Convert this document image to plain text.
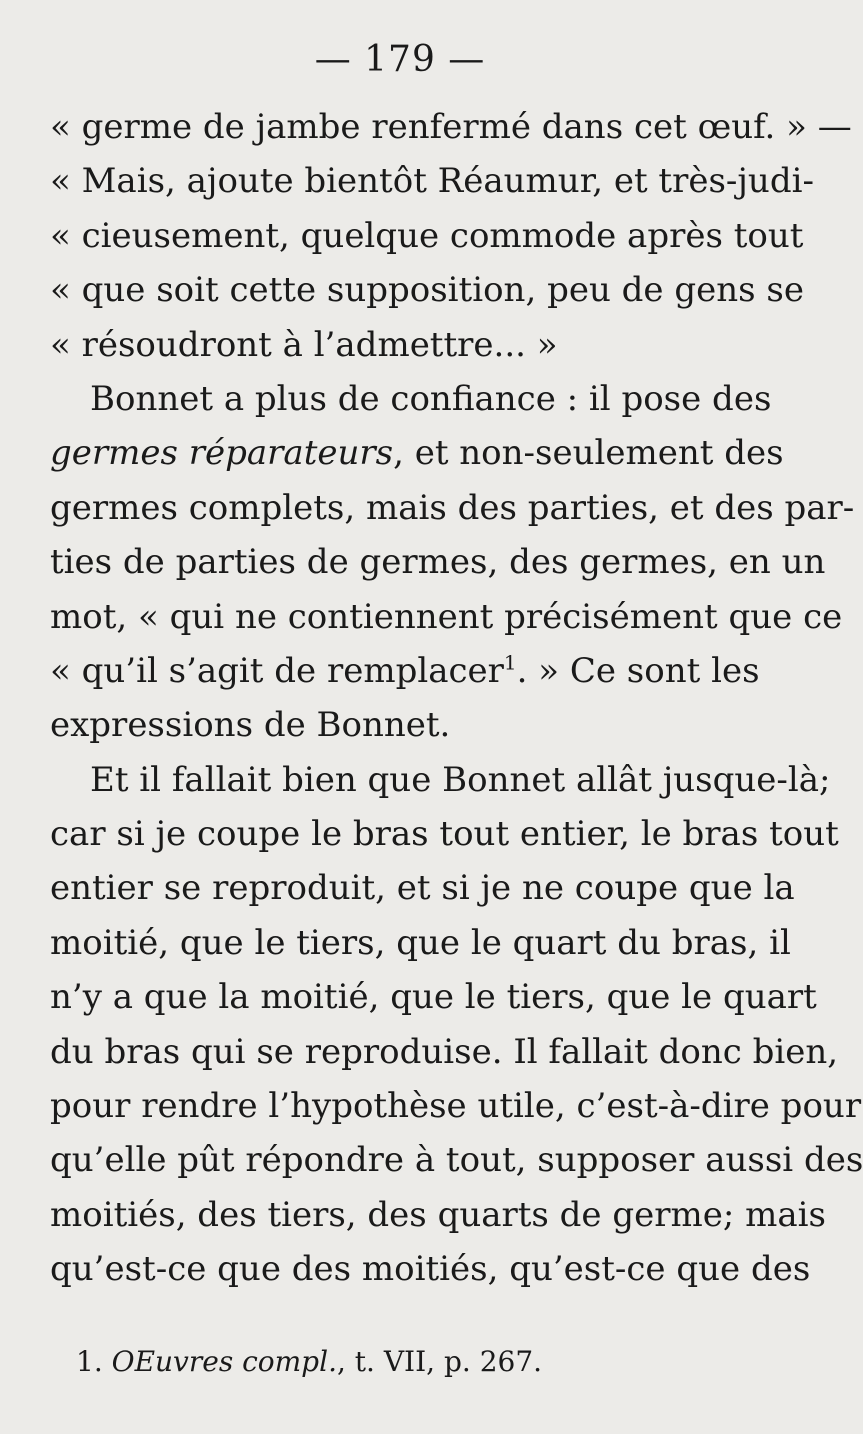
— 179 —
« germe de jambe renfermé dans cet œuf. » —
« Mais, ajoute bientôt Réaumur, et très-judi-
« cieusement, quelque commode après tout
« que soit cette supposition, peu de gens se
« résoudront à l’admettre... »
Bonnet a plus de confiance : il pose des
germes réparateurs, et non-seulement des
germes complets, mais des parties, et des par-
ties de parties de germes, des germes, en un
mot, « qui ne contiennent précisément que ce
« qu’il s’agit de remplacer$^1$. » Ce sont les
expressions de Bonnet.
Et il fallait bien que Bonnet allât jusque-là;
car si je coupe le bras tout entier, le bras tout
entier se reproduit, et si je ne coupe que la
moitié, que le tiers, que le quart du bras, il
n’y a que la moitié, que le tiers, que le quart
du bras qui se reproduise. Il fallait donc bien,
pour rendre l’hypothèse utile, c’est-à-dire pour
qu’elle pût répondre à tout, supposer aussi des
moitiés, des tiers, des quarts de germe; mais
qu’est-ce que des moitiés, qu’est-ce que des
1. OEuvres compl., t. VII, p. 267.
